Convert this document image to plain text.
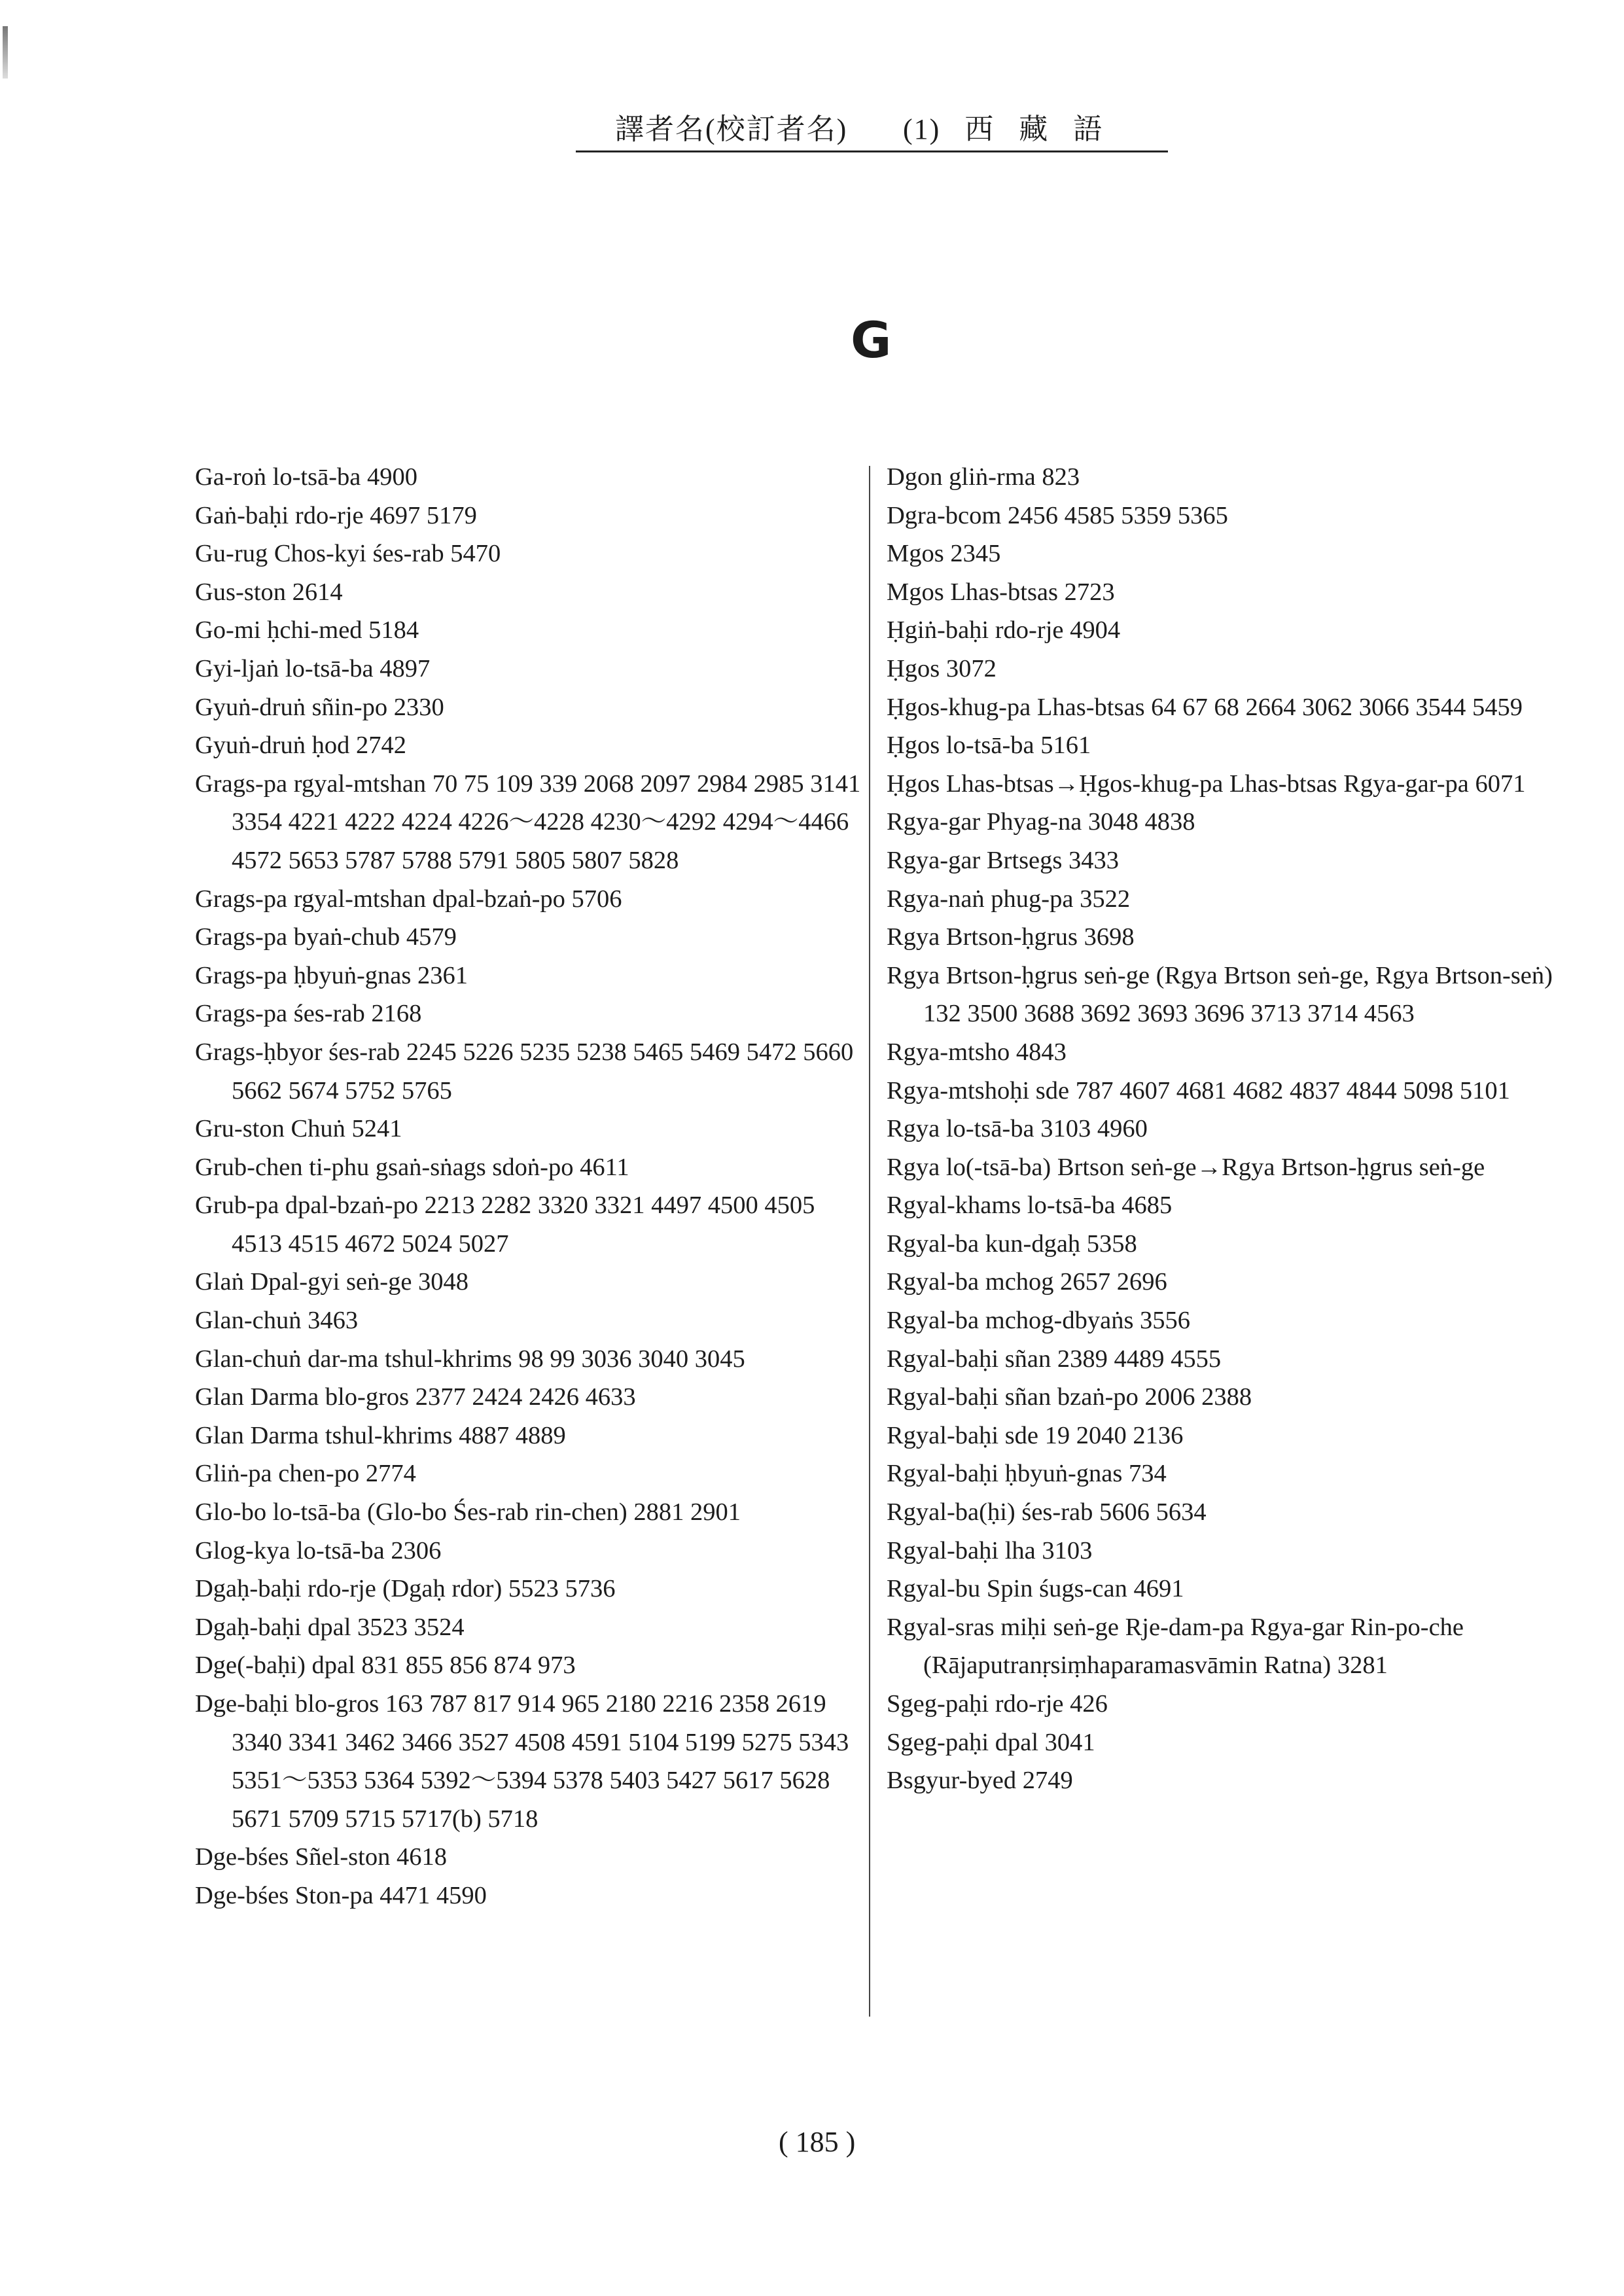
譯者名(校訂者名) (1) 西 藏 語
G
Ga-roṅ lo-tsā-ba 4900
Gaṅ-baḥi rdo-rje 4697 5179
Gu-rug Chos-kyi śes-rab 5470
Gus-ston 2614
Go-mi ḥchi-med 5184
Gyi-ljaṅ lo-tsā-ba 4897
Gyuṅ-druṅ sñin-po 2330
Gyuṅ-druṅ ḥod 2742
Grags-pa rgyal-mtshan 70 75 109 339 2068 2097 2984 2985 3141 3354 4221 4222 4224 4226～4228 4230～4292 4294～4466 4572 5653 5787 5788 5791 5805 5807 5828
Grags-pa rgyal-mtshan dpal-bzaṅ-po 5706
Grags-pa byaṅ-chub 4579
Grags-pa ḥbyuṅ-gnas 2361
Grags-pa śes-rab 2168
Grags-ḥbyor śes-rab 2245 5226 5235 5238 5465 5469 5472 5660 5662 5674 5752 5765
Gru-ston Chuṅ 5241
Grub-chen ti-phu gsaṅ-sṅags sdoṅ-po 4611
Grub-pa dpal-bzaṅ-po 2213 2282 3320 3321 4497 4500 4505 4513 4515 4672 5024 5027
Glaṅ Dpal-gyi seṅ-ge 3048
Glan-chuṅ 3463
Glan-chuṅ dar-ma tshul-khrims 98 99 3036 3040 3045
Glan Darma blo-gros 2377 2424 2426 4633
Glan Darma tshul-khrims 4887 4889
Gliṅ-pa chen-po 2774
Glo-bo lo-tsā-ba (Glo-bo Śes-rab rin-chen) 2881 2901
Glog-kya lo-tsā-ba 2306
Dgaḥ-baḥi rdo-rje (Dgaḥ rdor) 5523 5736
Dgaḥ-baḥi dpal 3523 3524
Dge(-baḥi) dpal 831 855 856 874 973
Dge-baḥi blo-gros 163 787 817 914 965 2180 2216 2358 2619 3340 3341 3462 3466 3527 4508 4591 5104 5199 5275 5343 5351～5353 5364 5392～5394 5378 5403 5427 5617 5628 5671 5709 5715 5717(b) 5718
Dge-bśes Sñel-ston 4618
Dge-bśes Ston-pa 4471 4590
Dgon gliṅ-rma 823
Dgra-bcom 2456 4585 5359 5365
Mgos 2345
Mgos Lhas-btsas 2723
Ḥgiṅ-baḥi rdo-rje 4904
Ḥgos 3072
Ḥgos-khug-pa Lhas-btsas 64 67 68 2664 3062 3066 3544 5459
Ḥgos lo-tsā-ba 5161
Ḥgos Lhas-btsas→Ḥgos-khug-pa Lhas-btsas Rgya-gar-pa 6071
Rgya-gar Phyag-na 3048 4838
Rgya-gar Brtsegs 3433
Rgya-naṅ phug-pa 3522
Rgya Brtson-ḥgrus 3698
Rgya Brtson-ḥgrus seṅ-ge (Rgya Brtson seṅ-ge, Rgya Brtson-seṅ) 132 3500 3688 3692 3693 3696 3713 3714 4563
Rgya-mtsho 4843
Rgya-mtshoḥi sde 787 4607 4681 4682 4837 4844 5098 5101
Rgya lo-tsā-ba 3103 4960
Rgya lo(-tsā-ba) Brtson seṅ-ge→Rgya Brtson-ḥgrus seṅ-ge
Rgyal-khams lo-tsā-ba 4685
Rgyal-ba kun-dgaḥ 5358
Rgyal-ba mchog 2657 2696
Rgyal-ba mchog-dbyaṅs 3556
Rgyal-baḥi sñan 2389 4489 4555
Rgyal-baḥi sñan bzaṅ-po 2006 2388
Rgyal-baḥi sde 19 2040 2136
Rgyal-baḥi ḥbyuṅ-gnas 734
Rgyal-ba(ḥi) śes-rab 5606 5634
Rgyal-baḥi lha 3103
Rgyal-bu Spin śugs-can 4691
Rgyal-sras miḥi seṅ-ge Rje-dam-pa Rgya-gar Rin-po-che (Rājaputranṛsiṃhaparamasvāmin Ratna) 3281
Sgeg-paḥi rdo-rje 426
Sgeg-paḥi dpal 3041
Bsgyur-byed 2749
( 185 )
